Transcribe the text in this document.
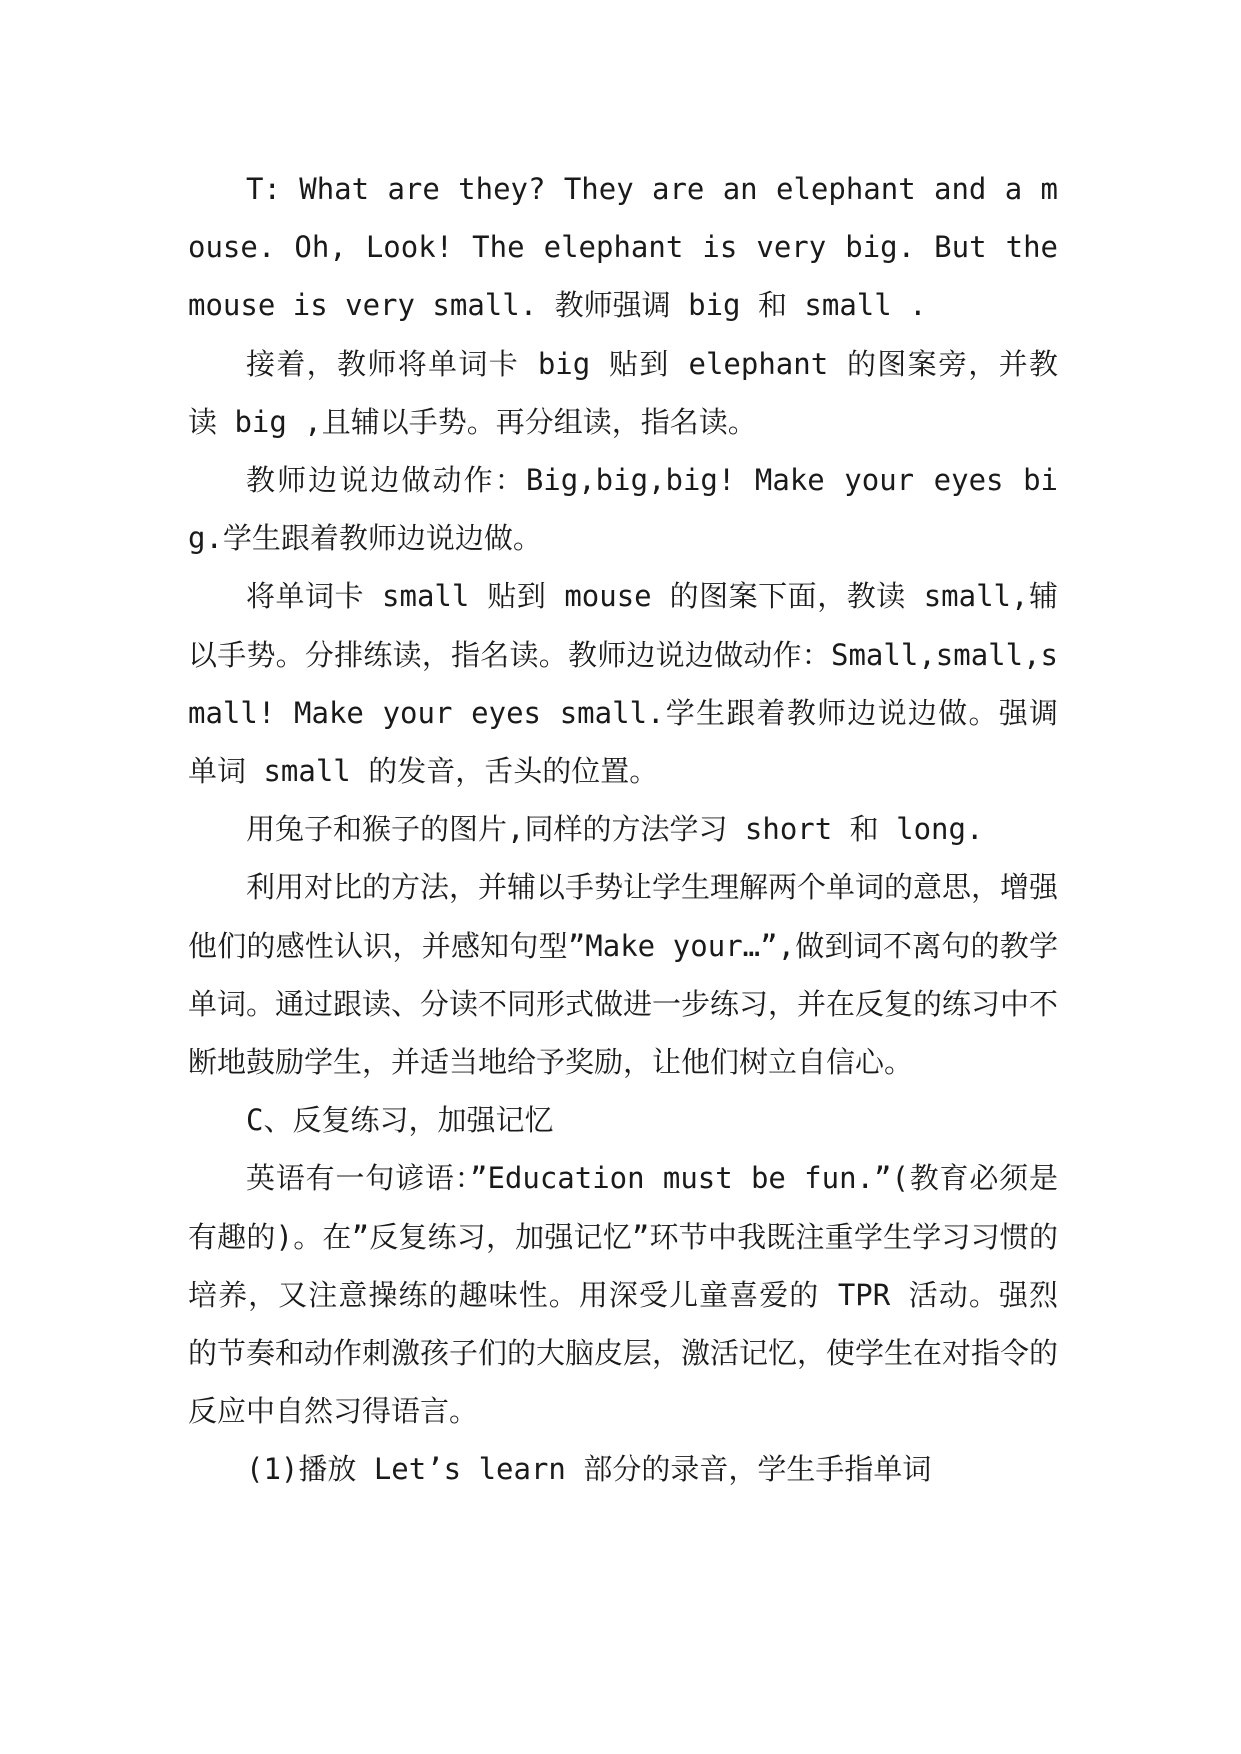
T: What are they? They are an elephant and a mouse. Oh, Look! The elephant is very big. But the mouse is very small. 教师强调 big 和 small .

接着，教师将单词卡 big 贴到 elephant 的图案旁，并教读 big ,且辅以手势。再分组读，指名读。

教师边说边做动作：Big,big,big! Make your eyes big.学生跟着教师边说边做。

将单词卡 small 贴到 mouse 的图案下面，教读 small,辅以手势。分排练读，指名读。教师边说边做动作：Small,small,small! Make your eyes small.学生跟着教师边说边做。强调单词 small 的发音，舌头的位置。

用兔子和猴子的图片,同样的方法学习 short 和 long.

利用对比的方法，并辅以手势让学生理解两个单词的意思，增强他们的感性认识，并感知句型”Make your…”,做到词不离句的教学单词。通过跟读、分读不同形式做进一步练习，并在反复的练习中不断地鼓励学生，并适当地给予奖励，让他们树立自信心。

C、反复练习，加强记忆

英语有一句谚语：”Education must be fun.”(教育必须是有趣的)。在”反复练习，加强记忆”环节中我既注重学生学习习惯的培养，又注意操练的趣味性。用深受儿童喜爱的 TPR 活动。强烈的节奏和动作刺激孩子们的大脑皮层，激活记忆，使学生在对指令的反应中自然习得语言。

(1)播放 Let’s learn 部分的录音，学生手指单词
